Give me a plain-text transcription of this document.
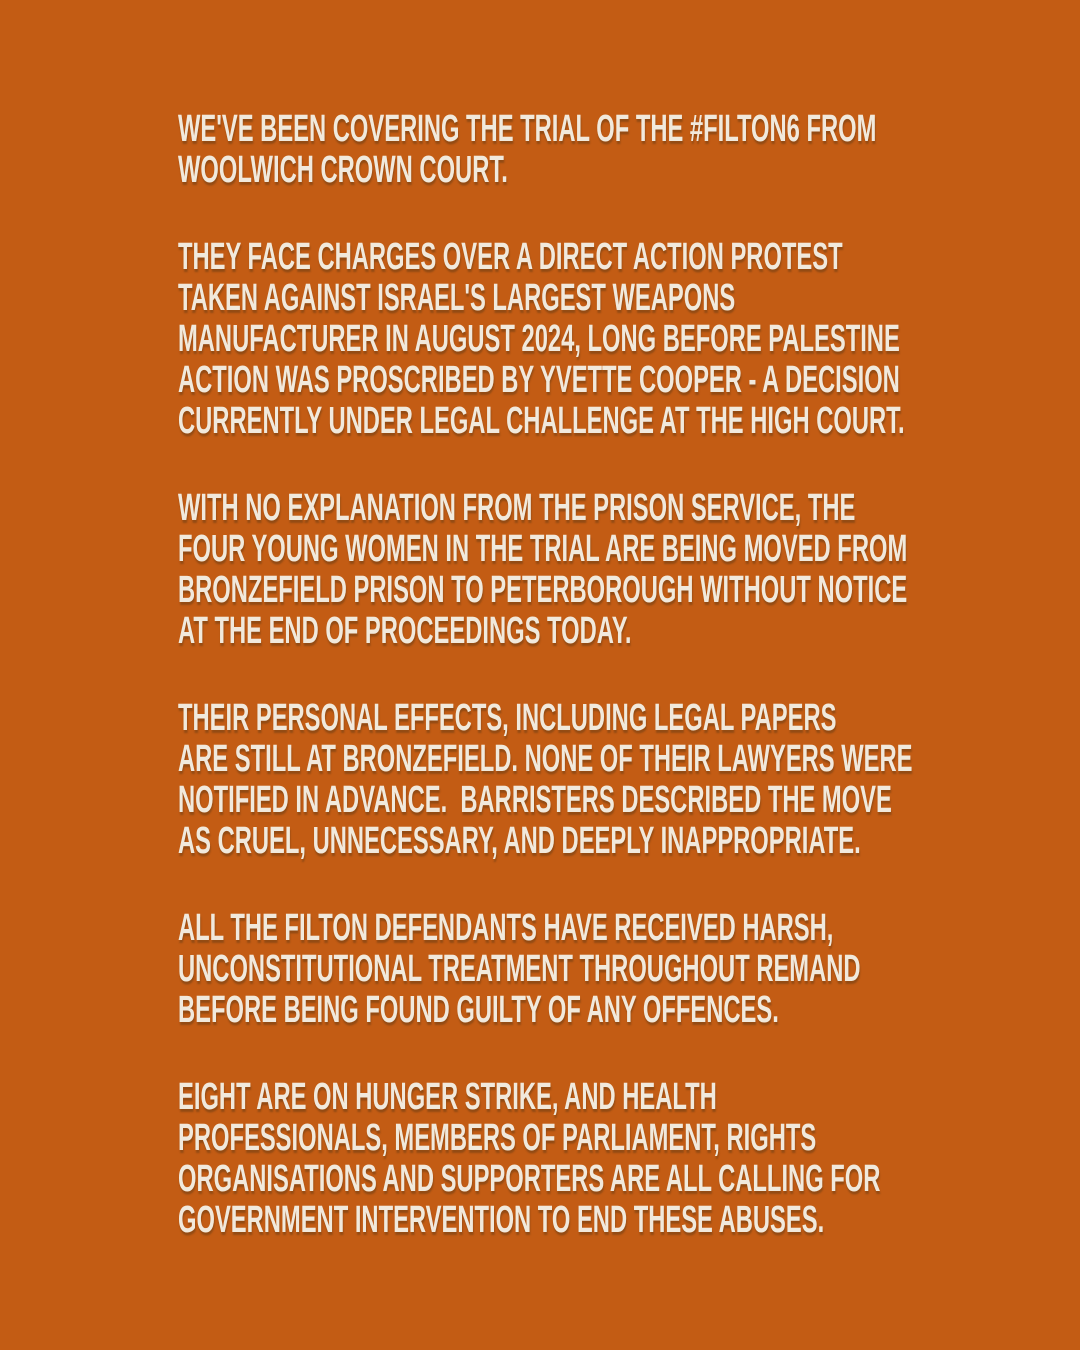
WE'VE BEEN COVERING THE TRIAL OF THE #FILTON6 FROM
WOOLWICH CROWN COURT.
THEY FACE CHARGES OVER A DIRECT ACTION PROTEST
TAKEN AGAINST ISRAEL'S LARGEST WEAPONS
MANUFACTURER IN AUGUST 2024, LONG BEFORE PALESTINE
ACTION WAS PROSCRIBED BY YVETTE COOPER - A DECISION
CURRENTLY UNDER LEGAL CHALLENGE AT THE HIGH COURT.
WITH NO EXPLANATION FROM THE PRISON SERVICE, THE
FOUR YOUNG WOMEN IN THE TRIAL ARE BEING MOVED FROM
BRONZEFIELD PRISON TO PETERBOROUGH WITHOUT NOTICE
AT THE END OF PROCEEDINGS TODAY.
THEIR PERSONAL EFFECTS, INCLUDING LEGAL PAPERS
ARE STILL AT BRONZEFIELD. NONE OF THEIR LAWYERS WERE
NOTIFIED IN ADVANCE.  BARRISTERS DESCRIBED THE MOVE
AS CRUEL, UNNECESSARY, AND DEEPLY INAPPROPRIATE.
ALL THE FILTON DEFENDANTS HAVE RECEIVED HARSH,
UNCONSTITUTIONAL TREATMENT THROUGHOUT REMAND
BEFORE BEING FOUND GUILTY OF ANY OFFENCES.
EIGHT ARE ON HUNGER STRIKE, AND HEALTH
PROFESSIONALS, MEMBERS OF PARLIAMENT, RIGHTS
ORGANISATIONS AND SUPPORTERS ARE ALL CALLING FOR
GOVERNMENT INTERVENTION TO END THESE ABUSES.
